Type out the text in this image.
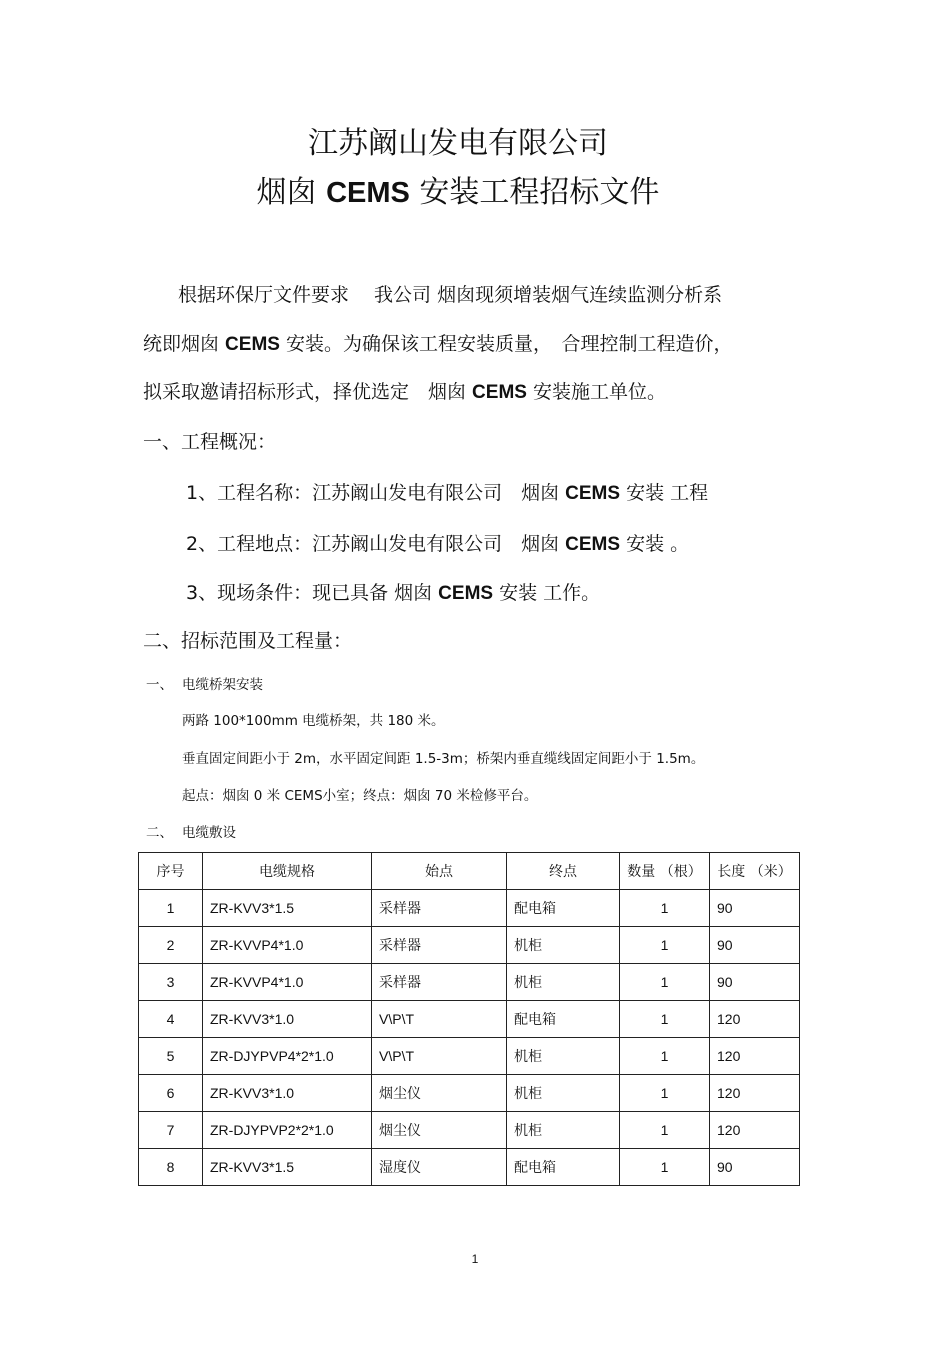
江苏阚山发电有限公司
烟囱 CEMS 安装工程招标文件
根据环保厅文件要求　 我公司 烟囱现须增装烟气连续监测分析系
统即烟囱 CEMS 安装。为确保该工程安装质量，　合理控制工程造价，
拟采取邀请招标形式，择优选定　烟囱 CEMS 安装施工单位。
一、工程概况：
1、工程名称：江苏阚山发电有限公司　烟囱 CEMS 安装 工程
2、工程地点：江苏阚山发电有限公司　烟囱 CEMS 安装 。
3、现场条件：现已具备 烟囱 CEMS 安装 工作。
二、招标范围及工程量：
一、 电缆桥架安装
两路 100*100mm 电缆桥架，共 180 米。
垂直固定间距小于 2m，水平固定间距 1.5-3m；桥架内垂直缆线固定间距小于 1.5m。
起点：烟囱 0 米 CEMS小室；终点：烟囱 70 米检修平台。
二、 电缆敷设
序号	电缆规格	始点	终点	数量 （根）	长度 （米）
1	ZR-KVV3*1.5	采样器	配电箱	1	90
2	ZR-KVVP4*1.0	采样器	机柜	1	90
3	ZR-KVVP4*1.0	采样器	机柜	1	90
4	ZR-KVV3*1.0	V\P\T	配电箱	1	120
5	ZR-DJYPVP4*2*1.0	V\P\T	机柜	1	120
6	ZR-KVV3*1.0	烟尘仪	机柜	1	120
7	ZR-DJYPVP2*2*1.0	烟尘仪	机柜	1	120
8	ZR-KVV3*1.5	湿度仪	配电箱	1	90
1
